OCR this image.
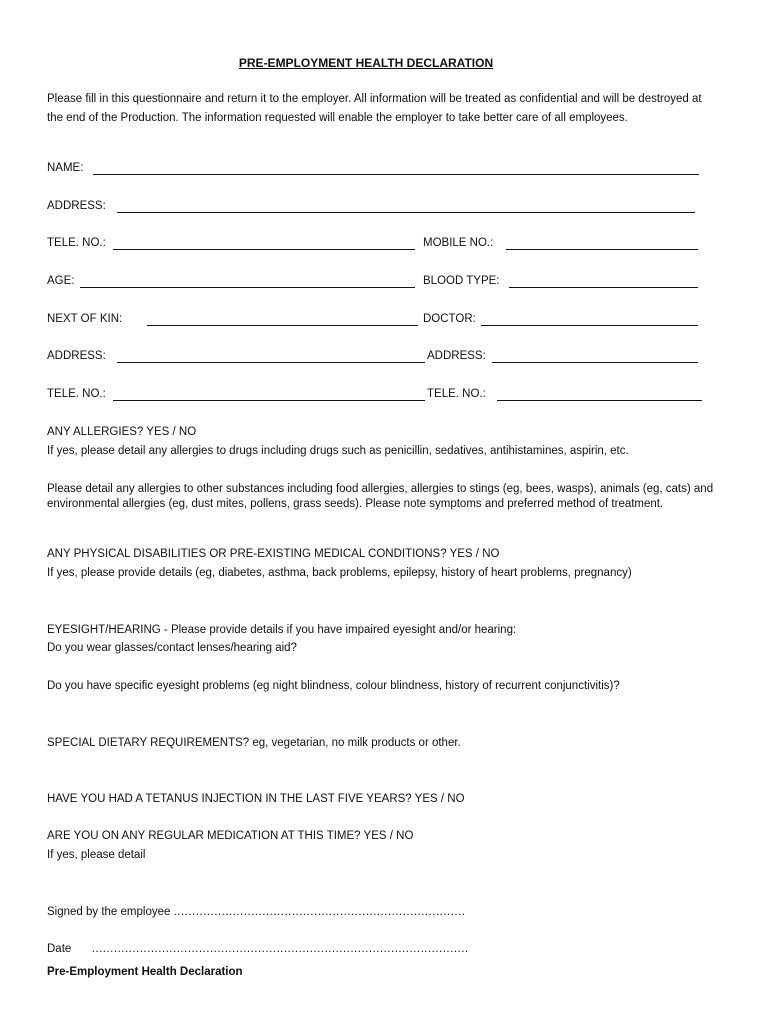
PRE-EMPLOYMENT HEALTH DECLARATION
Please fill in this questionnaire and return it to the employer. All information will be treated as confidential and will be destroyed at the end of the Production. The information requested will enable the employer to take better care of all employees.
NAME:
ADDRESS:
TELE. NO.:	MOBILE NO.:
AGE:	BLOOD TYPE:
NEXT OF KIN:	DOCTOR:
ADDRESS:	ADDRESS:
TELE. NO.:	TELE. NO.:
ANY ALLERGIES? YES / NO
If yes, please detail any allergies to drugs including drugs such as penicillin, sedatives, antihistamines, aspirin, etc.
Please detail any allergies to other substances including food allergies, allergies to stings (eg, bees, wasps), animals (eg, cats) and environmental allergies (eg, dust mites, pollens, grass seeds). Please note symptoms and preferred method of treatment.
ANY PHYSICAL DISABILITIES OR PRE-EXISTING MEDICAL CONDITIONS? YES / NO
If yes, please provide details (eg, diabetes, asthma, back problems, epilepsy, history of heart problems, pregnancy)
EYESIGHT/HEARING - Please provide details if you have impaired eyesight and/or hearing:
Do you wear glasses/contact lenses/hearing aid?
Do you have specific eyesight problems (eg night blindness, colour blindness, history of recurrent conjunctivitis)?
SPECIAL DIETARY REQUIREMENTS? eg, vegetarian, no milk products or other.
HAVE YOU HAD A TETANUS INJECTION IN THE LAST FIVE YEARS? YES / NO
ARE YOU ON ANY REGULAR MEDICATION AT THIS TIME? YES / NO
If yes, please detail
Signed by the employee ...............................................................................
Date ......................................................................................................
Pre-Employment Health Declaration
